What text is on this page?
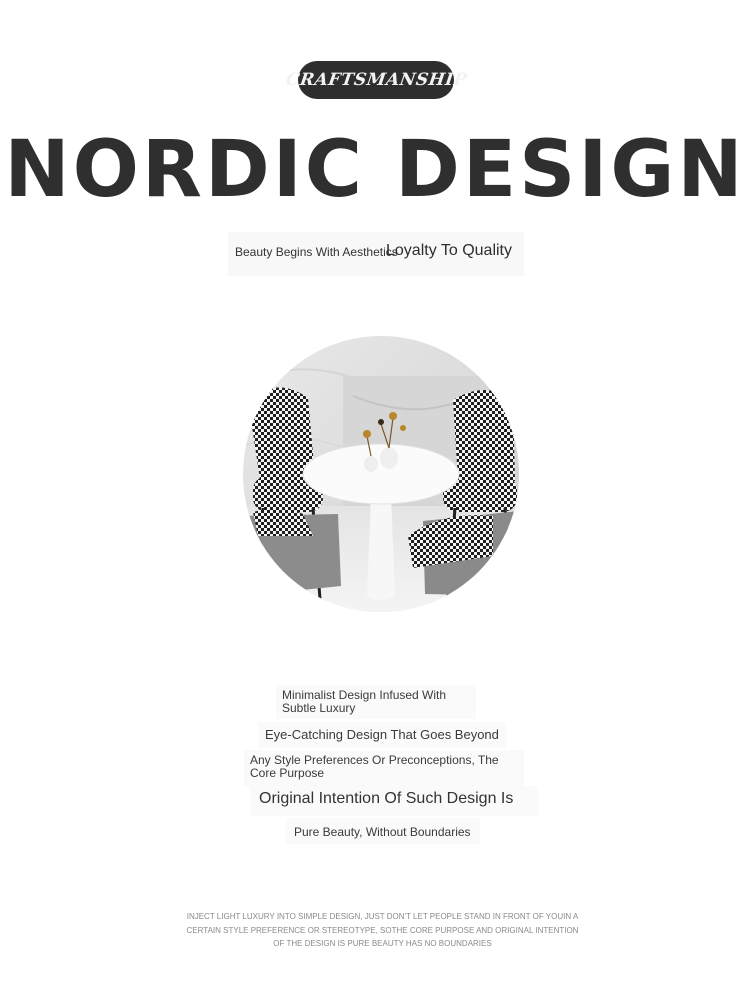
CRAFTSMANSHIP
NORDIC DESIGN
Beauty Begins With Aesthetics
Loyalty To Quality
Minimalist Design Infused With Subtle Luxury
Eye-Catching Design That Goes Beyond
Any Style Preferences Or Preconceptions, The Core Purpose
Original Intention Of Such Design Is
Pure Beauty, Without Boundaries
INJECT LIGHT LUXURY INTO SIMPLE DESIGN, JUST DON'T LET PEOPLE STAND IN FRONT OF YOUIN A CERTAIN STYLE PREFERENCE OR STEREOTYPE, SOTHE CORE PURPOSE AND ORIGINAL INTENTION OF THE DESIGN IS PURE BEAUTY HAS NO BOUNDARIES
